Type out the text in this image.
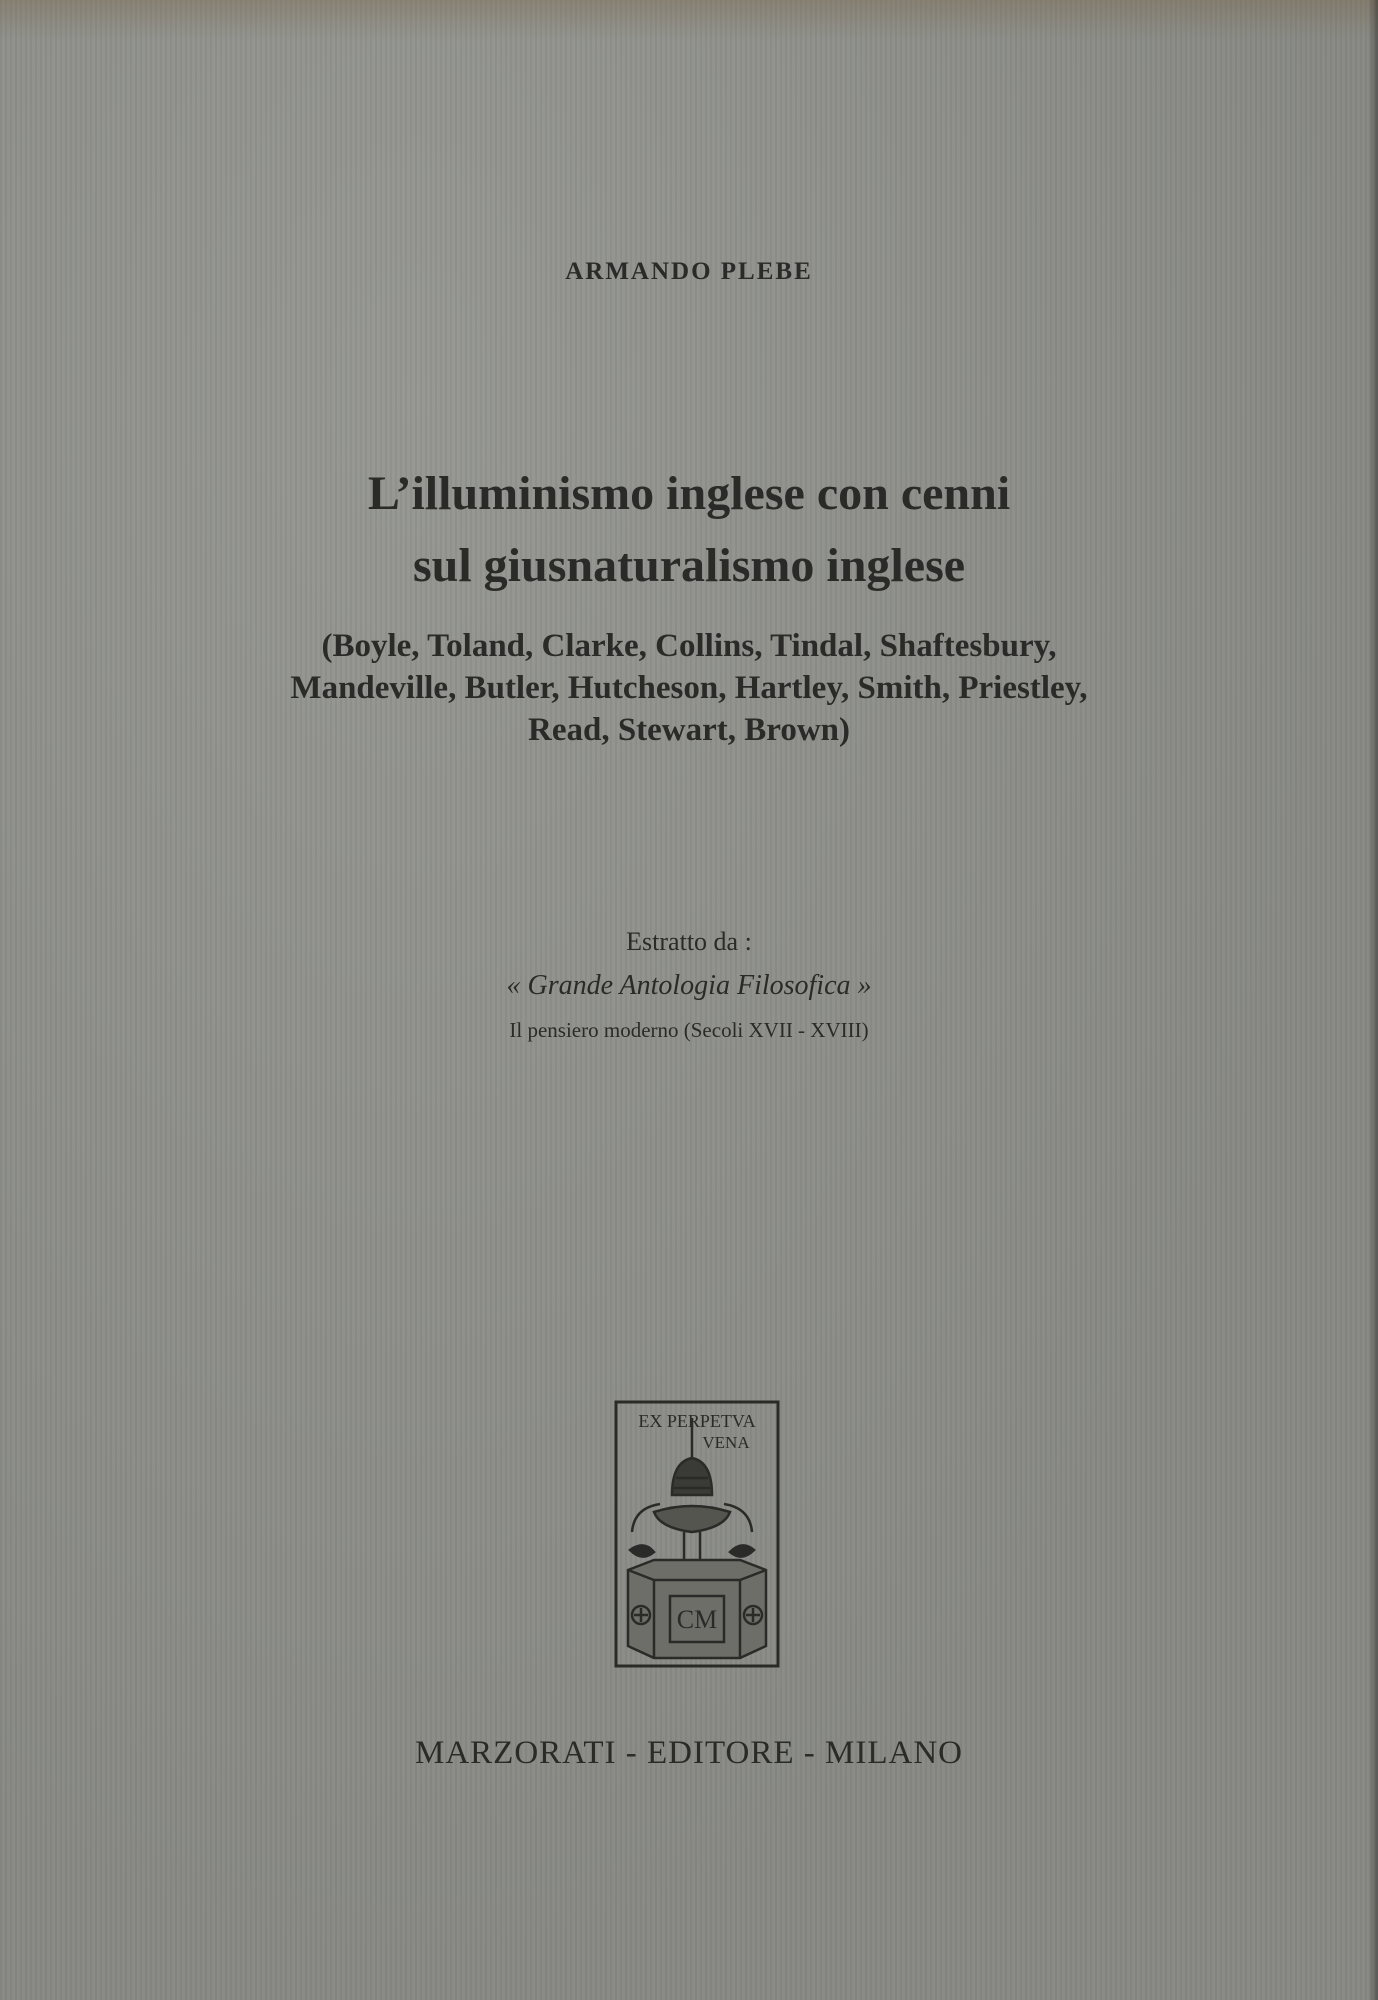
ARMANDO PLEBE
L’illuminismo inglese con cenni
sul giusnaturalismo inglese
(Boyle, Toland, Clarke, Collins, Tindal, Shaftesbury,
Mandeville, Butler, Hutcheson, Hartley, Smith, Priestley,
Read, Stewart, Brown)
Estratto da :
« Grande Antologia Filosofica »
Il pensiero moderno (Secoli XVII - XVIII)
EX PERPETVA
VENA
CM
MARZORATI - EDITORE - MILANO
